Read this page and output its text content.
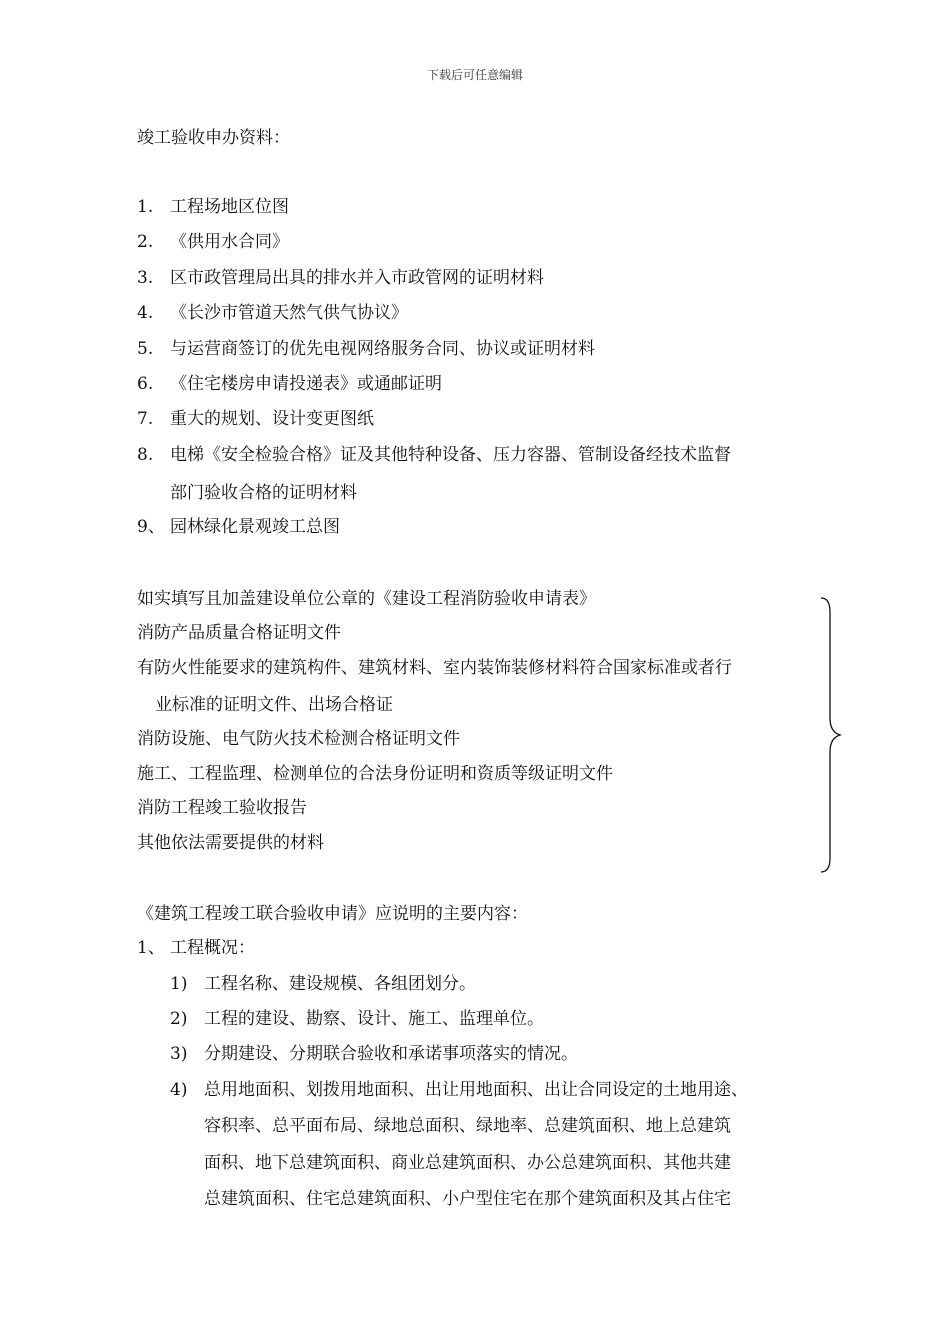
下载后可任意编辑
竣工验收申办资料：
1. 工程场地区位图
2. 《供用水合同》
3. 区市政管理局出具的排水并入市政管网的证明材料
4. 《长沙市管道天然气供气协议》
5. 与运营商签订的优先电视网络服务合同、协议或证明材料
6. 《住宅楼房申请投递表》或通邮证明
7. 重大的规划、设计变更图纸
8. 电梯《安全检验合格》证及其他特种设备、压力容器、管制设备经技术监督
部门验收合格的证明材料
9、 园林绿化景观竣工总图
如实填写且加盖建设单位公章的《建设工程消防验收申请表》
消防产品质量合格证明文件
有防火性能要求的建筑构件、建筑材料、室内装饰装修材料符合国家标准或者行
业标准的证明文件、出场合格证
消防设施、电气防火技术检测合格证明文件
施工、工程监理、检测单位的合法身份证明和资质等级证明文件
消防工程竣工验收报告
其他依法需要提供的材料
《建筑工程竣工联合验收申请》应说明的主要内容：
1、 工程概况：
1) 工程名称、建设规模、各组团划分。
2) 工程的建设、勘察、设计、施工、监理单位。
3) 分期建设、分期联合验收和承诺事项落实的情况。
4) 总用地面积、划拨用地面积、出让用地面积、出让合同设定的土地用途、
容积率、总平面布局、绿地总面积、绿地率、总建筑面积、地上总建筑
面积、地下总建筑面积、商业总建筑面积、办公总建筑面积、其他共建
总建筑面积、住宅总建筑面积、小户型住宅在那个建筑面积及其占住宅
